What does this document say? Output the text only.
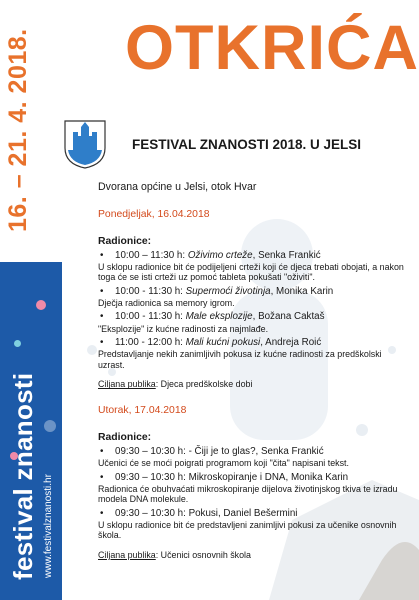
16. – 21. 4. 2018.
festival znanosti www.festivalznanosti.hr
OTKRIĆA
FESTIVAL ZNANOSTI 2018. U JELSI
Dvorana općine u Jelsi, otok Hvar
Ponedjeljak, 16.04.2018
Radionice:
•	10:00 – 11:30 h: Oživimo crteže, Senka Frankić
U sklopu radionice bit će podijeljeni crteži koji će djeca trebati obojati, a nakon toga će se isti crteži uz pomoć tableta pokušati "oživiti".
•	10:00 - 11:30 h: Supermoći životinja, Monika Karin
Dječja radionica sa memory igrom.
•	10:00 - 11:30 h: Male eksplozije, Božana Caktaš
"Eksplozije" iz kućne radinosti za najmlađe.
•	11:00 - 12:00 h: Mali kućni pokusi, Andreja Roić
Predstavljanje nekih zanimljivih pokusa iz kućne radinosti za predškolski uzrast.
Ciljana publika: Djeca predškolske dobi
Utorak, 17.04.2018
Radionice:
•	09:30 – 10:30 h: - Čiji je to glas?, Senka Frankić
Učenici će se moći poigrati programom koji "čita" napisani tekst.
•	09:30 – 10:30 h: Mikroskopiranje i DNA, Monika Karin
Radionica će obuhvaćati mikroskopiranje dijelova životinjskog tkiva te izradu modela DNA molekule.
•	09:30 – 10:30 h: Pokusi, Daniel Bešermini
U sklopu radionice bit će predstavljeni zanimljivi pokusi za učenike osnovnih škola.
Ciljana publika: Učenici osnovnih škola
